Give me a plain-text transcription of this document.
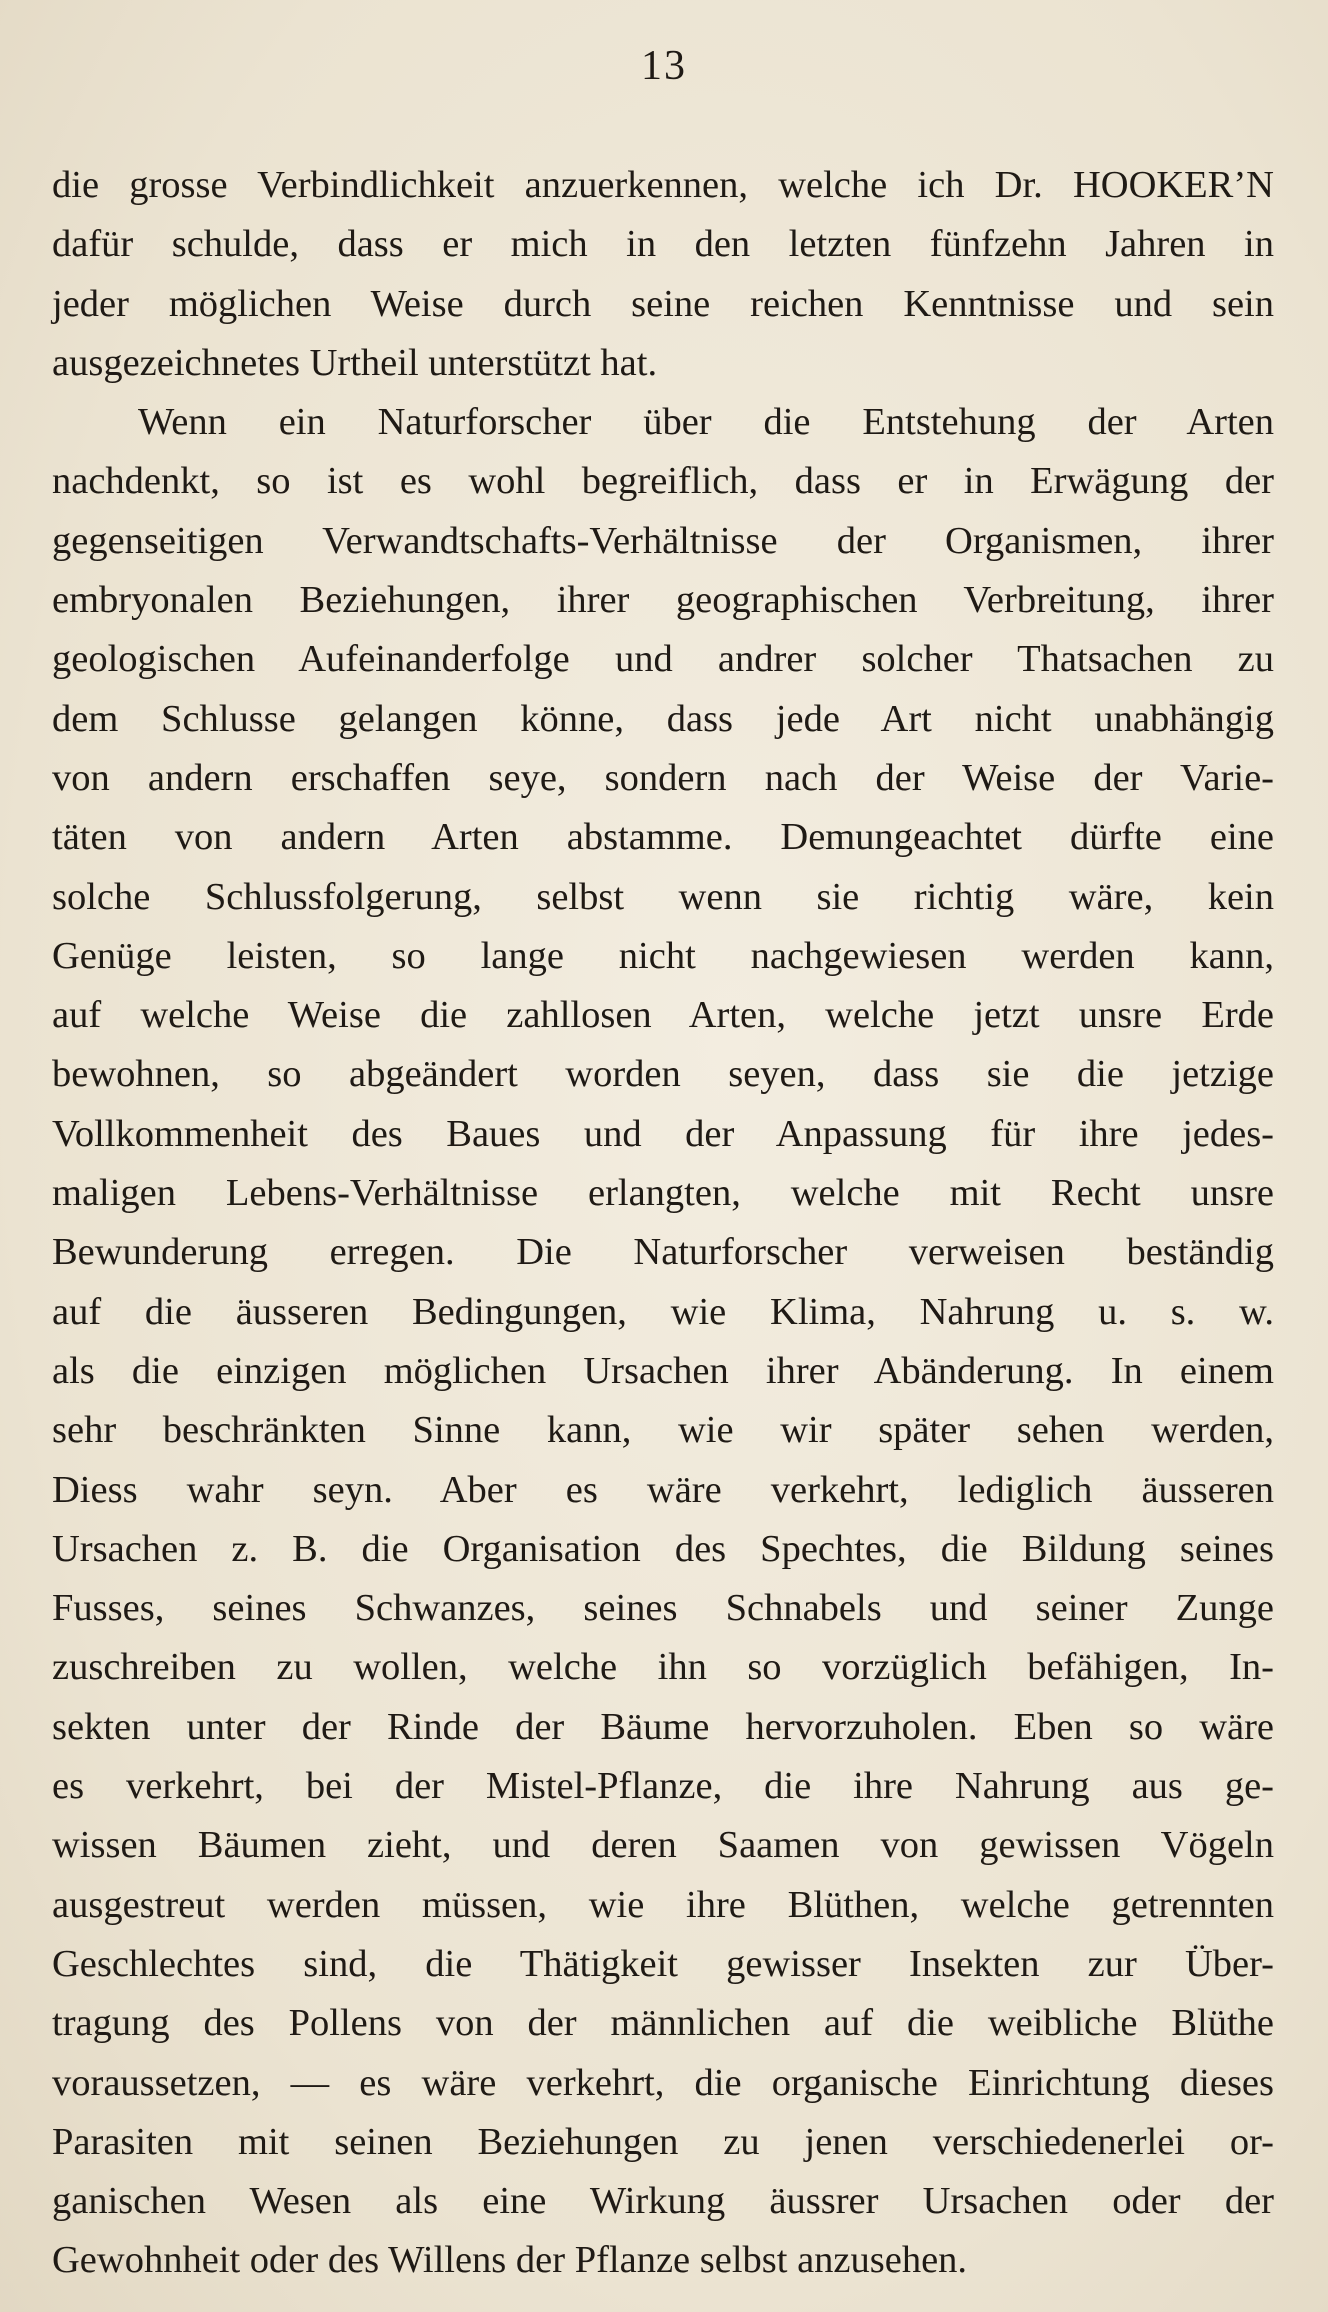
13
die grosse Verbindlichkeit anzuerkennen, welche ich Dr. HOOKER’N
dafür schulde, dass er mich in den letzten fünfzehn Jahren in
jeder möglichen Weise durch seine reichen Kenntnisse und sein
ausgezeichnetes Urtheil unterstützt hat.
Wenn ein Naturforscher über die Entstehung der Arten
nachdenkt, so ist es wohl begreiflich, dass er in Erwägung der
gegenseitigen Verwandtschafts-Verhältnisse der Organismen, ihrer
embryonalen Beziehungen, ihrer geographischen Verbreitung, ihrer
geologischen Aufeinanderfolge und andrer solcher Thatsachen zu
dem Schlusse gelangen könne, dass jede Art nicht unabhängig
von andern erschaffen seye, sondern nach der Weise der Varie-
täten von andern Arten abstamme. Demungeachtet dürfte eine
solche Schlussfolgerung, selbst wenn sie richtig wäre, kein
Genüge leisten, so lange nicht nachgewiesen werden kann,
auf welche Weise die zahllosen Arten, welche jetzt unsre Erde
bewohnen, so abgeändert worden seyen, dass sie die jetzige
Vollkommenheit des Baues und der Anpassung für ihre jedes-
maligen Lebens-Verhältnisse erlangten, welche mit Recht unsre
Bewunderung erregen. Die Naturforscher verweisen beständig
auf die äusseren Bedingungen, wie Klima, Nahrung u. s. w.
als die einzigen möglichen Ursachen ihrer Abänderung. In einem
sehr beschränkten Sinne kann, wie wir später sehen werden,
Diess wahr seyn. Aber es wäre verkehrt, lediglich äusseren
Ursachen z. B. die Organisation des Spechtes, die Bildung seines
Fusses, seines Schwanzes, seines Schnabels und seiner Zunge
zuschreiben zu wollen, welche ihn so vorzüglich befähigen, In-
sekten unter der Rinde der Bäume hervorzuholen. Eben so wäre
es verkehrt, bei der Mistel-Pflanze, die ihre Nahrung aus ge-
wissen Bäumen zieht, und deren Saamen von gewissen Vögeln
ausgestreut werden müssen, wie ihre Blüthen, welche getrennten
Geschlechtes sind, die Thätigkeit gewisser Insekten zur Über-
tragung des Pollens von der männlichen auf die weibliche Blüthe
voraussetzen, — es wäre verkehrt, die organische Einrichtung dieses
Parasiten mit seinen Beziehungen zu jenen verschiedenerlei or-
ganischen Wesen als eine Wirkung äussrer Ursachen oder der
Gewohnheit oder des Willens der Pflanze selbst anzusehen.
